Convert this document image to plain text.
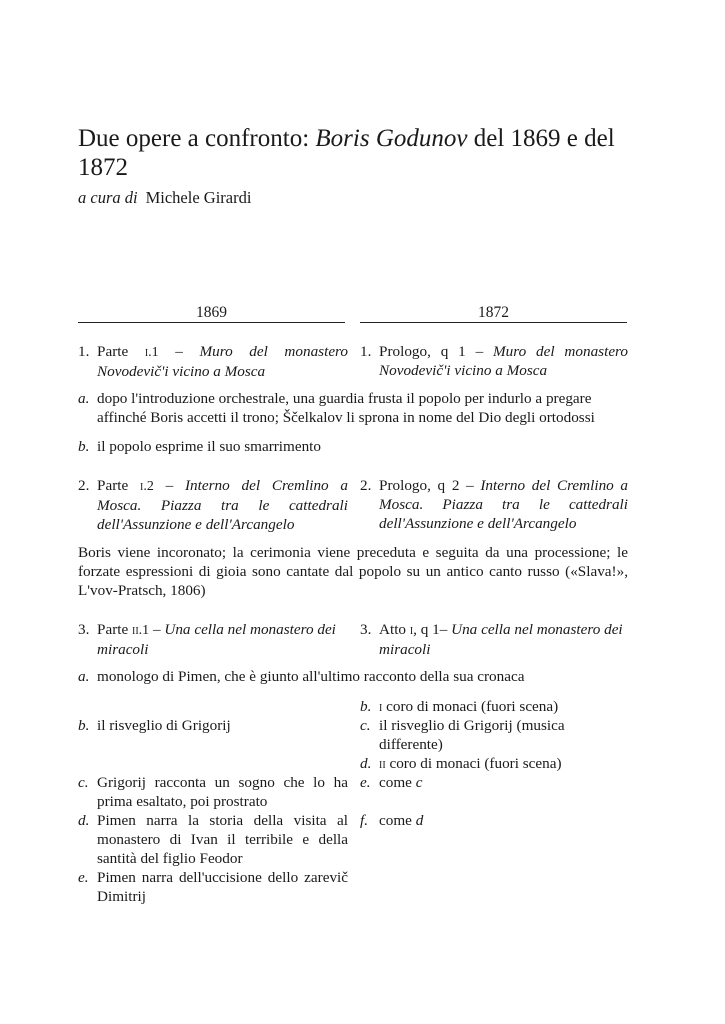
Due opere a confronto: Boris Godunov del 1869 e del 1872
a cura di Michele Girardi
1869	1872
1. Parte i.1 – Muro del monastero Novodevič'i vicino a Mosca
1. Prologo, q 1 – Muro del monastero Novodevič'i vicino a Mosca
a. dopo l'introduzione orchestrale, una guardia frusta il popolo per indurlo a pregare affinché Boris accetti il trono; Ščelkalov li sprona in nome del Dio degli ortodossi
b. il popolo esprime il suo smarrimento
2. Parte i.2 – Interno del Cremlino a Mosca. Piazza tra le cattedrali dell'Assunzione e dell'Arcangelo
2. Prologo, q 2 – Interno del Cremlino a Mosca. Piazza tra le cattedrali dell'Assunzione e dell'Arcangelo
Boris viene incoronato; la cerimonia viene preceduta e seguita da una processione; le forzate espressioni di gioia sono cantate dal popolo su un antico canto russo («Slava!», L'vov-Pratsch, 1806)
3. Parte ii.1 – Una cella nel monastero dei miracoli
3. Atto i, q 1– Una cella nel monastero dei miracoli
a. monologo di Pimen, che è giunto all'ultimo racconto della sua cronaca
b. i coro di monaci (fuori scena)
b. il risveglio di Grigorij	c. il risveglio di Grigorij (musica differente)
d. ii coro di monaci (fuori scena)
c. Grigorij racconta un sogno che lo ha prima esaltato, poi prostrato
e. come c
d. Pimen narra la storia della visita al monastero di Ivan il terribile e della santità del figlio Feodor
f. come d
e. Pimen narra dell'uccisione dello zarevič Dimitrij
